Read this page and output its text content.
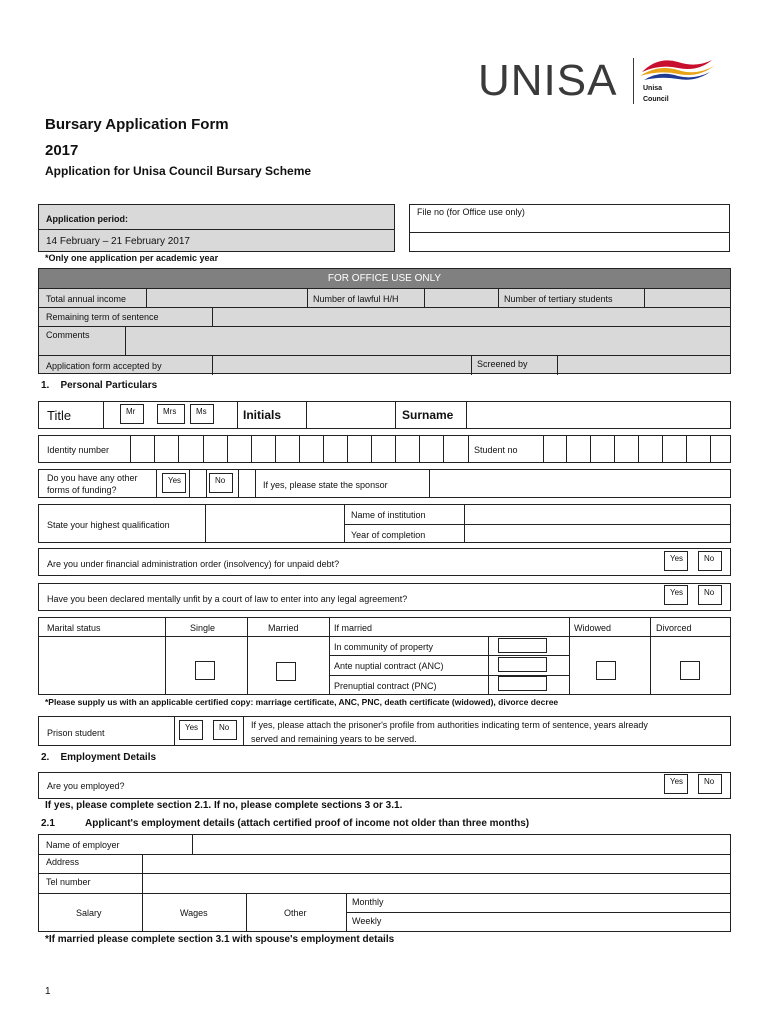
UNISA	Unisa
Council
Bursary Application Form
2017
Application for Unisa Council Bursary Scheme
Application period:
14 February – 21 February 2017
*Only one application per academic year
File no (for Office use only)
FOR OFFICE USE ONLY
Total annual income	Number of lawful H/H	Number of tertiary students
Remaining term of sentence
Comments
Application form accepted by	Screened by
1.    Personal Particulars
Title	Initials	Surname
Mr	Mrs	Ms
Identity number	Student no
Do you have any other
forms of funding?	If yes, please state the sponsor
Yes	No
State your highest qualification
Name of institution
Year of completion
Are you under financial administration order (insolvency) for unpaid debt?
Yes	No
Have you been declared mentally unfit by a court of law to enter into any legal agreement?
Yes	No
Marital status	Single	Married	If married	Widowed	Divorced
In community of property
Ante nuptial contract (ANC)
Prenuptial contract (PNC)
*Please supply us with an applicable certified copy: marriage certificate, ANC, PNC, death certificate (widowed), divorce decree
Prison student
If yes, please attach the prisoner's profile from authorities indicating term of sentence, years already
served and remaining years to be served.
Yes	No
2.    Employment Details
Are you employed?	Yes	No
If yes, please complete section 2.1. If no, please complete sections 3 or 3.1.
2.1	Applicant's employment details (attach certified proof of income not older than three months)
Name of employer
Address
Tel number
Salary	Wages	Other
Monthly
Weekly
*If married please complete section 3.1 with spouse's employment details
1
